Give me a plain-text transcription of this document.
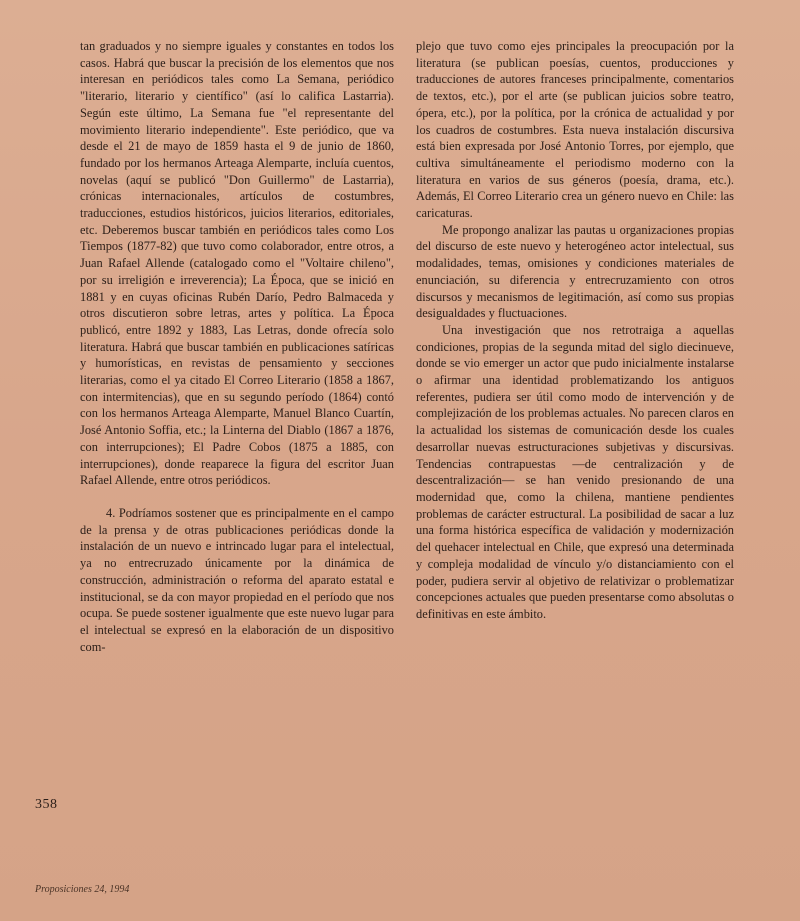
tan graduados y no siempre iguales y constantes en todos los casos. Habrá que buscar la precisión de los elementos que nos interesan en periódicos tales como La Semana, periódico "literario, literario y científico" (así lo califica Lastarria). Según este último, La Semana fue "el representante del movimiento literario independiente". Este periódico, que va desde el 21 de mayo de 1859 hasta el 9 de junio de 1860, fundado por los hermanos Arteaga Alemparte, incluía cuentos, novelas (aquí se publicó "Don Guillermo" de Lastarria), crónicas internacionales, artículos de costumbres, traducciones, estudios históricos, juicios literarios, editoriales, etc. Deberemos buscar también en periódicos tales como Los Tiempos (1877-82) que tuvo como colaborador, entre otros, a Juan Rafael Allende (catalogado como el "Voltaire chileno", por su irreligión e irreverencia); La Época, que se inició en 1881 y en cuyas oficinas Rubén Darío, Pedro Balmaceda y otros discutieron sobre letras, artes y política. La Época publicó, entre 1892 y 1883, Las Letras, donde ofrecía solo literatura. Habrá que buscar también en publicaciones satíricas y humorísticas, en revistas de pensamiento y secciones literarias, como el ya citado El Correo Literario (1858 a 1867, con intermitencias), que en su segundo período (1864) contó con los hermanos Arteaga Alemparte, Manuel Blanco Cuartín, José Antonio Soffia, etc.; la Linterna del Diablo (1867 a 1876, con interrupciones); El Padre Cobos (1875 a 1885, con interrupciones), donde reaparece la figura del escritor Juan Rafael Allende, entre otros periódicos.

4. Podríamos sostener que es principalmente en el campo de la prensa y de otras publicaciones periódicas donde la instalación de un nuevo e intrincado lugar para el intelectual, ya no entrecruzado únicamente por la dinámica de construcción, administración o reforma del aparato estatal e institucional, se da con mayor propiedad en el período que nos ocupa. Se puede sostener igualmente que este nuevo lugar para el intelectual se expresó en la elaboración de un dispositivo com-

plejo que tuvo como ejes principales la preocupación por la literatura (se publican poesías, cuentos, producciones y traducciones de autores franceses principalmente, comentarios de textos, etc.), por el arte (se publican juicios sobre teatro, ópera, etc.), por la política, por la crónica de actualidad y por los cuadros de costumbres. Esta nueva instalación discursiva está bien expresada por José Antonio Torres, por ejemplo, que cultiva simultáneamente el periodismo moderno con la literatura en varios de sus géneros (poesía, drama, etc.). Además, El Correo Literario crea un género nuevo en Chile: las caricaturas.

Me propongo analizar las pautas u organizaciones propias del discurso de este nuevo y heterogéneo actor intelectual, sus modalidades, temas, omisiones y condiciones materiales de enunciación, su diferencia y entrecruzamiento con otros discursos y mecanismos de legitimación, así como sus propias desigualdades y fluctuaciones.

Una investigación que nos retrotraiga a aquellas condiciones, propias de la segunda mitad del siglo diecinueve, donde se vio emerger un actor que pudo inicialmente instalarse o afirmar una identidad problematizando los antiguos referentes, pudiera ser útil como modo de intervención y de complejización de los problemas actuales. No parecen claros en la actualidad los sistemas de comunicación desde los cuales desarrollar nuevas estructuraciones subjetivas y discursivas. Tendencias contrapuestas —de centralización y de descentralización— se han venido presionando de una modernidad que, como la chilena, mantiene pendientes problemas de carácter estructural. La posibilidad de sacar a luz una forma histórica específica de validación y modernización del quehacer intelectual en Chile, que expresó una determinada y compleja modalidad de vínculo y/o distanciamiento con el poder, pudiera servir al objetivo de relativizar o problematizar concepciones actuales que pueden presentarse como absolutas o definitivas en este ámbito.

358
Proposiciones 24, 1994
